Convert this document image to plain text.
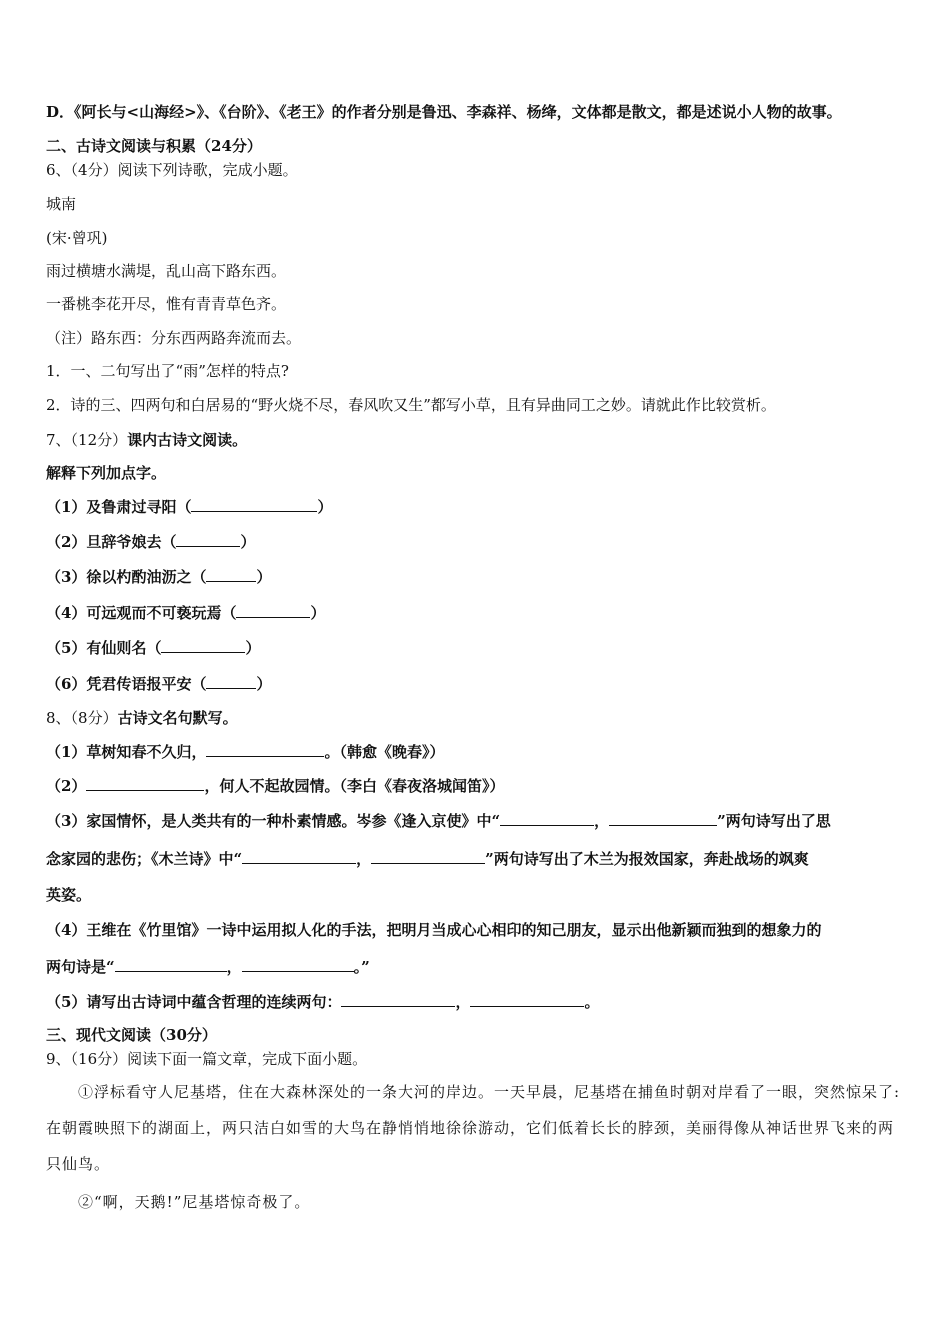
D．《阿长与<山海经>》、《台阶》、《老王》的作者分别是鲁迅、李森祥、杨绛，文体都是散文，都是述说小人物的故事。
二、古诗文阅读与积累（24分）
6、（4分）阅读下列诗歌，完成小题。
城南
(宋·曾巩)
雨过横塘水满堤，乱山高下路东西。
一番桃李花开尽，惟有青青草色齐。
（注）路东西：分东西两路奔流而去。
1．一、二句写出了“雨”怎样的特点?
2．诗的三、四两句和白居易的“野火烧不尽，春风吹又生”都写小草，且有异曲同工之妙。请就此作比较赏析。
7、（12分）课内古诗文阅读。
解释下列加点字。
（1）及鲁肃过寻阳（	）
（2）旦辞爷娘去（	）
（3）徐以杓酌油沥之（	）
（4）可远观而不可亵玩焉（	）
（5）有仙则名（	）
（6）凭君传语报平安（	）
8、（8分）古诗文名句默写。
（1）草树知春不久归，	。（韩愈《晚春》）
（2）	，何人不起故园情。（李白《春夜洛城闻笛》）
（3）家国情怀，是人类共有的一种朴素情感。岑参《逢入京使》中“	，	”两句诗写出了思
念家园的悲伤；《木兰诗》中“	，	”两句诗写出了木兰为报效国家，奔赴战场的飒爽
英姿。
（4）王维在《竹里馆》一诗中运用拟人化的手法，把明月当成心心相印的知己朋友，显示出他新颖而独到的想象力的
两句诗是“	，	。”
（5）请写出古诗词中蕴含哲理的连续两句：	，	。
三、现代文阅读（30分）
9、（16分）阅读下面一篇文章，完成下面小题。
①浮标看守人尼基塔，住在大森林深处的一条大河的岸边。一天早晨，尼基塔在捕鱼时朝对岸看了一眼，突然惊呆了:在朝霞映照下的湖面上，两只洁白如雪的大鸟在静悄悄地徐徐游动，它们低着长长的脖颈，美丽得像从神话世界飞来的两只仙鸟。
②“啊，天鹅!”尼基塔惊奇极了。
